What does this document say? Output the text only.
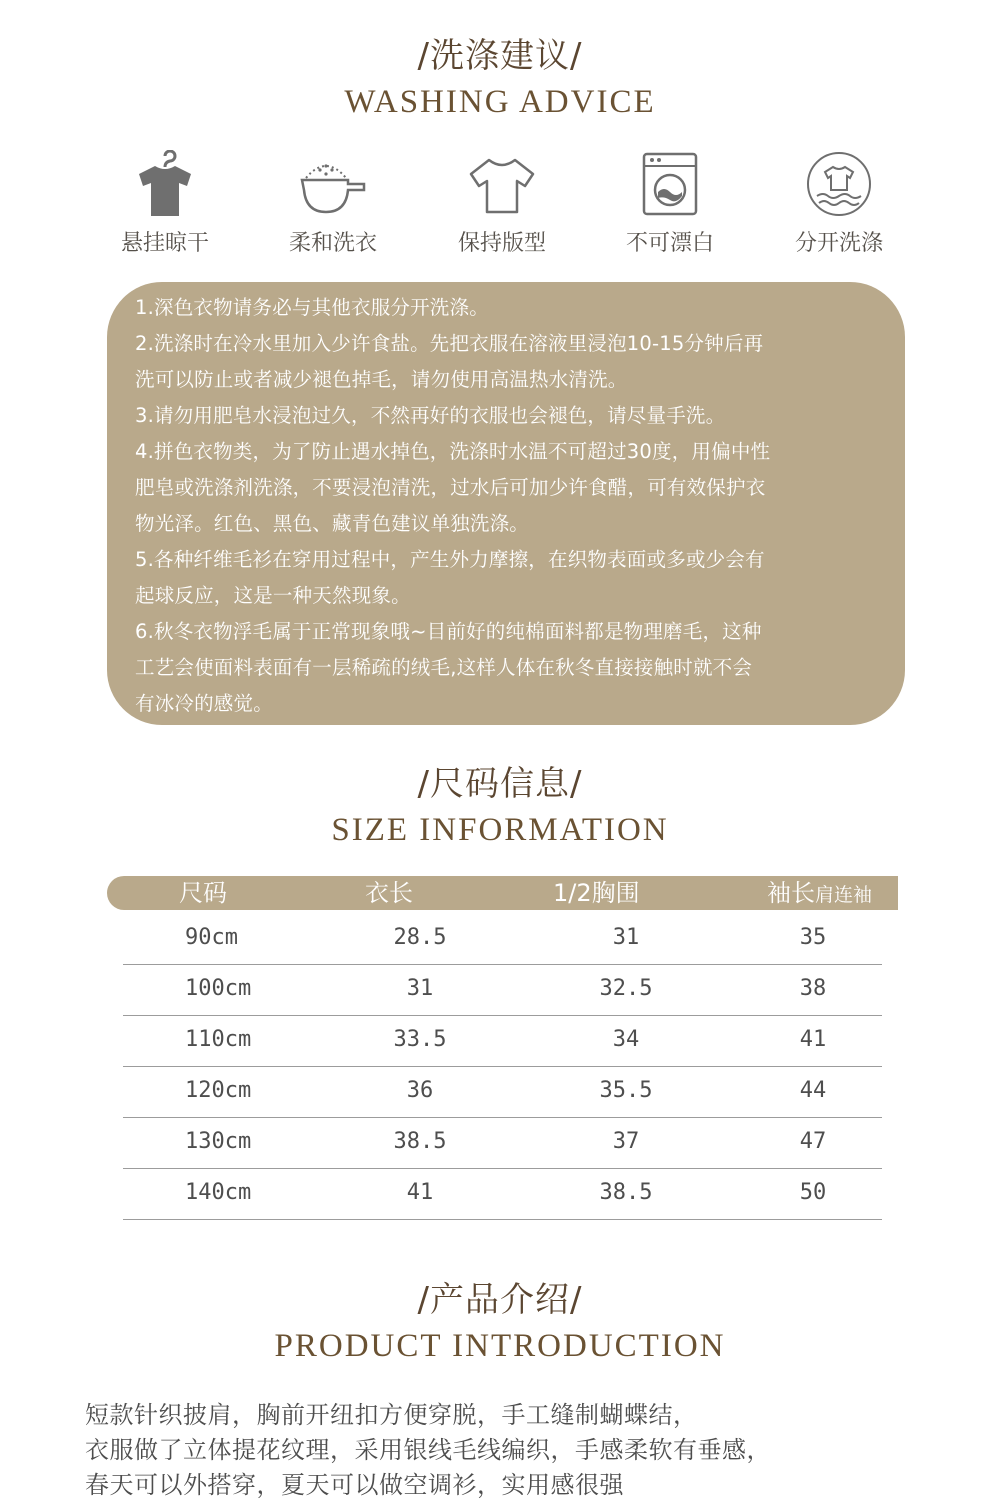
/洗涤建议/
WASHING ADVICE
悬挂晾干	柔和洗衣	保持版型	不可漂白	分开洗涤

1.深色衣物请务必与其他衣服分开洗涤。

2.洗涤时在冷水里加入少许食盐。先把衣服在溶液里浸泡10-15分钟后再

洗可以防止或者减少褪色掉毛，请勿使用高温热水清洗。

3.请勿用肥皂水浸泡过久，不然再好的衣服也会褪色，请尽量手洗。

4.拼色衣物类，为了防止遇水掉色，洗涤时水温不可超过30度，用偏中性

肥皂或洗涤剂洗涤，不要浸泡清洗，过水后可加少许食醋，可有效保护衣

物光泽。红色、黑色、藏青色建议单独洗涤。

5.各种纤维毛衫在穿用过程中，产生外力摩擦，在织物表面或多或少会有

起球反应，这是一种天然现象。

6.秋冬衣物浮毛属于正常现象哦~目前好的纯棉面料都是物理磨毛，这种

工艺会使面料表面有一层稀疏的绒毛,这样人体在秋冬直接接触时就不会

有冰冷的感觉。

/尺码信息/
SIZE INFORMATION
尺码	衣长	1/2胸围	袖长肩连袖
90cm	28.5	31	35
100cm	31	32.5	38
110cm	33.5	34	41
120cm	36	35.5	44
130cm	38.5	37	47
140cm	41	38.5	50
/产品介绍/
PRODUCT INTRODUCTION

短款针织披肩，胸前开纽扣方便穿脱，手工缝制蝴蝶结，

衣服做了立体提花纹理，采用银线毛线编织，手感柔软有垂感，

春天可以外搭穿，夏天可以做空调衫，实用感很强
